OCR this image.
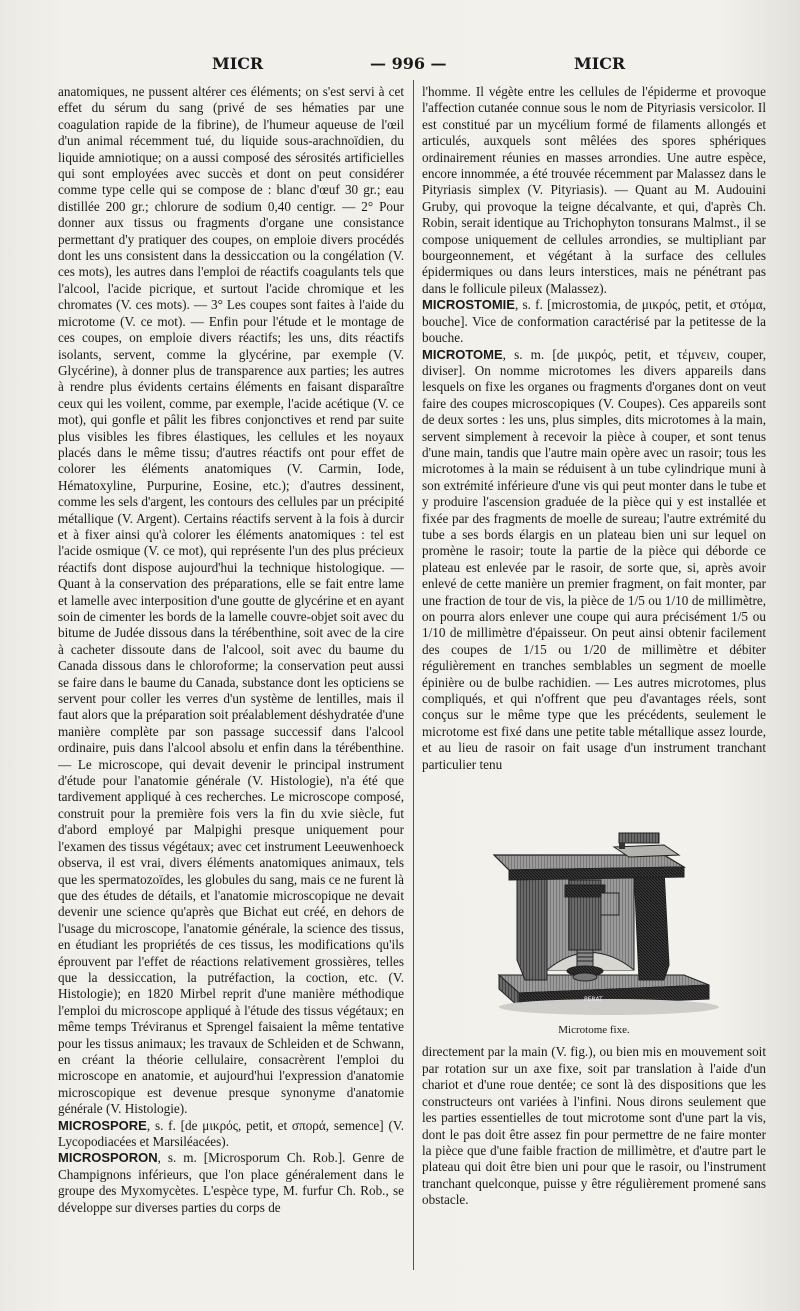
MICR	— 996 —	MICR

anatomiques, ne pussent altérer ces éléments; on s'est servi à cet effet du sérum du sang (privé de ses hématies par une coagulation rapide de la fibrine), de l'humeur aqueuse de l'œil d'un animal récemment tué, du liquide sous-arachnoïdien, du liquide amniotique; on a aussi composé des sérosités artificielles qui sont employées avec succès et dont on peut considérer comme type celle qui se compose de : blanc d'œuf 30 gr.; eau distillée 200 gr.; chlorure de sodium 0,40 centigr. — 2° Pour donner aux tissus ou fragments d'organe une consistance permettant d'y pratiquer des coupes, on emploie divers procédés dont les uns consistent dans la dessiccation ou la congélation (V. ces mots), les autres dans l'emploi de réactifs coagulants tels que l'alcool, l'acide picrique, et surtout l'acide chromique et les chromates (V. ces mots). — 3° Les coupes sont faites à l'aide du microtome (V. ce mot). — Enfin pour l'étude et le montage de ces coupes, on emploie divers réactifs; les uns, dits réactifs isolants, servent, comme la glycérine, par exemple (V. Glycérine), à donner plus de transparence aux parties; les autres à rendre plus évidents certains éléments en faisant disparaître ceux qui les voilent, comme, par exemple, l'acide acétique (V. ce mot), qui gonfle et pâlit les fibres conjonctives et rend par suite plus visibles les fibres élastiques, les cellules et les noyaux placés dans le même tissu; d'autres réactifs ont pour effet de colorer les éléments anatomiques (V. Carmin, Iode, Hématoxyline, Purpurine, Eosine, etc.); d'autres dessinent, comme les sels d'argent, les contours des cellules par un précipité métallique (V. Argent). Certains réactifs servent à la fois à durcir et à fixer ainsi qu'à colorer les éléments anatomiques : tel est l'acide osmique (V. ce mot), qui représente l'un des plus précieux réactifs dont dispose aujourd'hui la technique histologique. — Quant à la conservation des préparations, elle se fait entre lame et lamelle avec interposition d'une goutte de glycérine et en ayant soin de cimenter les bords de la lamelle couvre-objet soit avec du bitume de Judée dissous dans la térébenthine, soit avec de la cire à cacheter dissoute dans de l'alcool, soit avec du baume du Canada dissous dans le chloroforme; la conservation peut aussi se faire dans le baume du Canada, substance dont les opticiens se servent pour coller les verres d'un système de lentilles, mais il faut alors que la préparation soit préalablement déshydratée d'une manière complète par son passage successif dans l'alcool ordinaire, puis dans l'alcool absolu et enfin dans la térébenthine. — Le microscope, qui devait devenir le principal instrument d'étude pour l'anatomie générale (V. Histologie), n'a été que tardivement appliqué à ces recherches. Le microscope composé, construit pour la première fois vers la fin du xvie siècle, fut d'abord employé par Malpighi presque uniquement pour l'examen des tissus végétaux; avec cet instrument Leeuwenhoeck observa, il est vrai, divers éléments anatomiques animaux, tels que les spermatozoïdes, les globules du sang, mais ce ne furent là que des études de détails, et l'anatomie microscopique ne devait devenir une science qu'après que Bichat eut créé, en dehors de l'usage du microscope, l'anatomie générale, la science des tissus, en étudiant les propriétés de ces tissus, les modifications qu'ils éprouvent par l'effet de réactions relativement grossières, telles que la dessiccation, la putréfaction, la coction, etc. (V. Histologie); en 1820 Mirbel reprit d'une manière méthodique l'emploi du microscope appliqué à l'étude des tissus végétaux; en même temps Tréviranus et Sprengel faisaient la même tentative pour les tissus animaux; les travaux de Schleiden et de Schwann, en créant la théorie cellulaire, consacrèrent l'emploi du microscope en anatomie, et aujourd'hui l'expression d'anatomie microscopique est devenue presque synonyme d'anatomie générale (V. Histologie).

MICROSPORE, s. f. [de μικρός, petit, et σπορά, semence] (V. Lycopodiacées et Marsiléacées).

MICROSPORON, s. m. [Microsporum Ch. Rob.]. Genre de Champignons inférieurs, que l'on place généralement dans le groupe des Myxomycètes. L'espèce type, M. furfur Ch. Rob., se développe sur diverses parties du corps de

l'homme. Il végète entre les cellules de l'épiderme et provoque l'affection cutanée connue sous le nom de Pityriasis versicolor. Il est constitué par un mycélium formé de filaments allongés et articulés, auxquels sont mêlées des spores sphériques ordinairement réunies en masses arrondies. Une autre espèce, encore innommée, a été trouvée récemment par Malassez dans le Pityriasis simplex (V. Pityriasis). — Quant au M. Audouini Gruby, qui provoque la teigne décalvante, et qui, d'après Ch. Robin, serait identique au Trichophyton tonsurans Malmst., il se compose uniquement de cellules arrondies, se multipliant par bourgeonnement, et végétant à la surface des cellules épidermiques ou dans leurs interstices, mais ne pénétrant pas dans le follicule pileux (Malassez).

MICROSTOMIE, s. f. [microstomia, de μικρός, petit, et στόμα, bouche]. Vice de conformation caractérisé par la petitesse de la bouche.

MICROTOME, s. m. [de μικρός, petit, et τέμνειν, couper, diviser]. On nomme microtomes les divers appareils dans lesquels on fixe les organes ou fragments d'organes dont on veut faire des coupes microscopiques (V. Coupes). Ces appareils sont de deux sortes : les uns, plus simples, dits microtomes à la main, servent simplement à recevoir la pièce à couper, et sont tenus d'une main, tandis que l'autre main opère avec un rasoir; tous les microtomes à la main se réduisent à un tube cylindrique muni à son extrémité inférieure d'une vis qui peut monter dans le tube et y produire l'ascension graduée de la pièce qui y est installée et fixée par des fragments de moelle de sureau; l'autre extrémité du tube a ses bords élargis en un plateau bien uni sur lequel on promène le rasoir; toute la partie de la pièce qui déborde ce plateau est enlevée par le rasoir, de sorte que, si, après avoir enlevé de cette manière un premier fragment, on fait monter, par une fraction de tour de vis, la pièce de 1/5 ou 1/10 de millimètre, on pourra alors enlever une coupe qui aura précisément 1/5 ou 1/10 de millimètre d'épaisseur. On peut ainsi obtenir facilement des coupes de 1/15 ou 1/20 de millimètre et débiter régulièrement en tranches semblables un segment de moelle épinière ou de bulbe rachidien. — Les autres microtomes, plus compliqués, et qui n'offrent que peu d'avantages réels, sont conçus sur le même type que les précédents, seulement le microtome est fixé dans une petite table métallique assez lourde, et au lieu de rasoir on fait usage d'un instrument tranchant particulier tenu

PERAT
Microtome fixe.

directement par la main (V. fig.), ou bien mis en mouvement soit par rotation sur un axe fixe, soit par translation à l'aide d'un chariot et d'une roue dentée; ce sont là des dispositions que les constructeurs ont variées à l'infini. Nous dirons seulement que les parties essentielles de tout microtome sont d'une part la vis, dont le pas doit être assez fin pour permettre de ne faire monter la pièce que d'une faible fraction de millimètre, et d'autre part le plateau qui doit être bien uni pour que le rasoir, ou l'instrument tranchant quelconque, puisse y être régulièrement promené sans obstacle.
